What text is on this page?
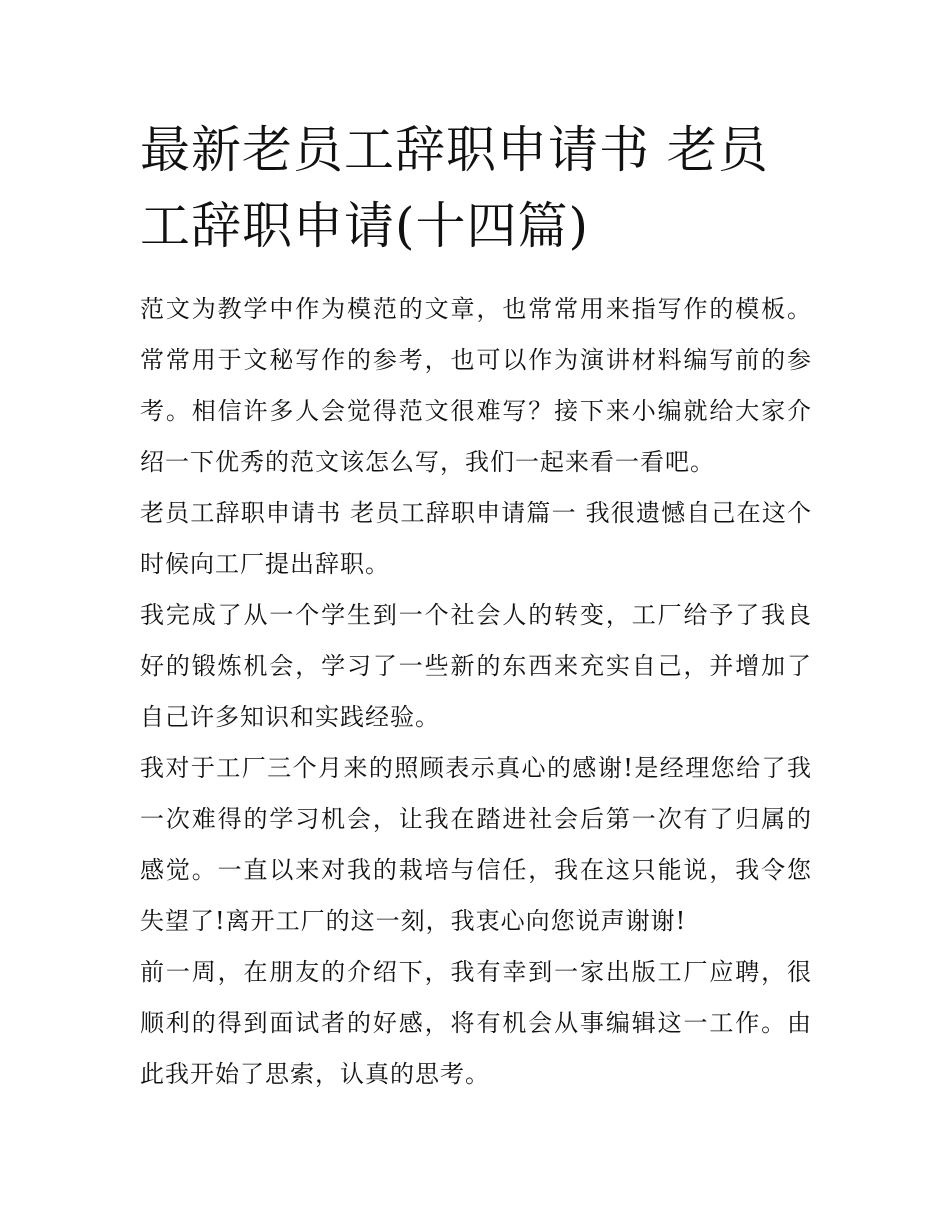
最新老员工辞职申请书 老员工辞职申请(十四篇)

范文为教学中作为模范的文章，也常常用来指写作的模板。常常用于文秘写作的参考，也可以作为演讲材料编写前的参考。相信许多人会觉得范文很难写？接下来小编就给大家介绍一下优秀的范文该怎么写，我们一起来看一看吧。

老员工辞职申请书 老员工辞职申请篇一 我很遗憾自己在这个时候向工厂提出辞职。

我完成了从一个学生到一个社会人的转变，工厂给予了我良好的锻炼机会，学习了一些新的东西来充实自己，并增加了自己许多知识和实践经验。

我对于工厂三个月来的照顾表示真心的感谢!是经理您给了我一次难得的学习机会，让我在踏进社会后第一次有了归属的感觉。一直以来对我的栽培与信任，我在这只能说，我令您失望了!离开工厂的这一刻，我衷心向您说声谢谢!

前一周，在朋友的介绍下，我有幸到一家出版工厂应聘，很顺利的得到面试者的好感，将有机会从事编辑这一工作。由此我开始了思索，认真的思考。
